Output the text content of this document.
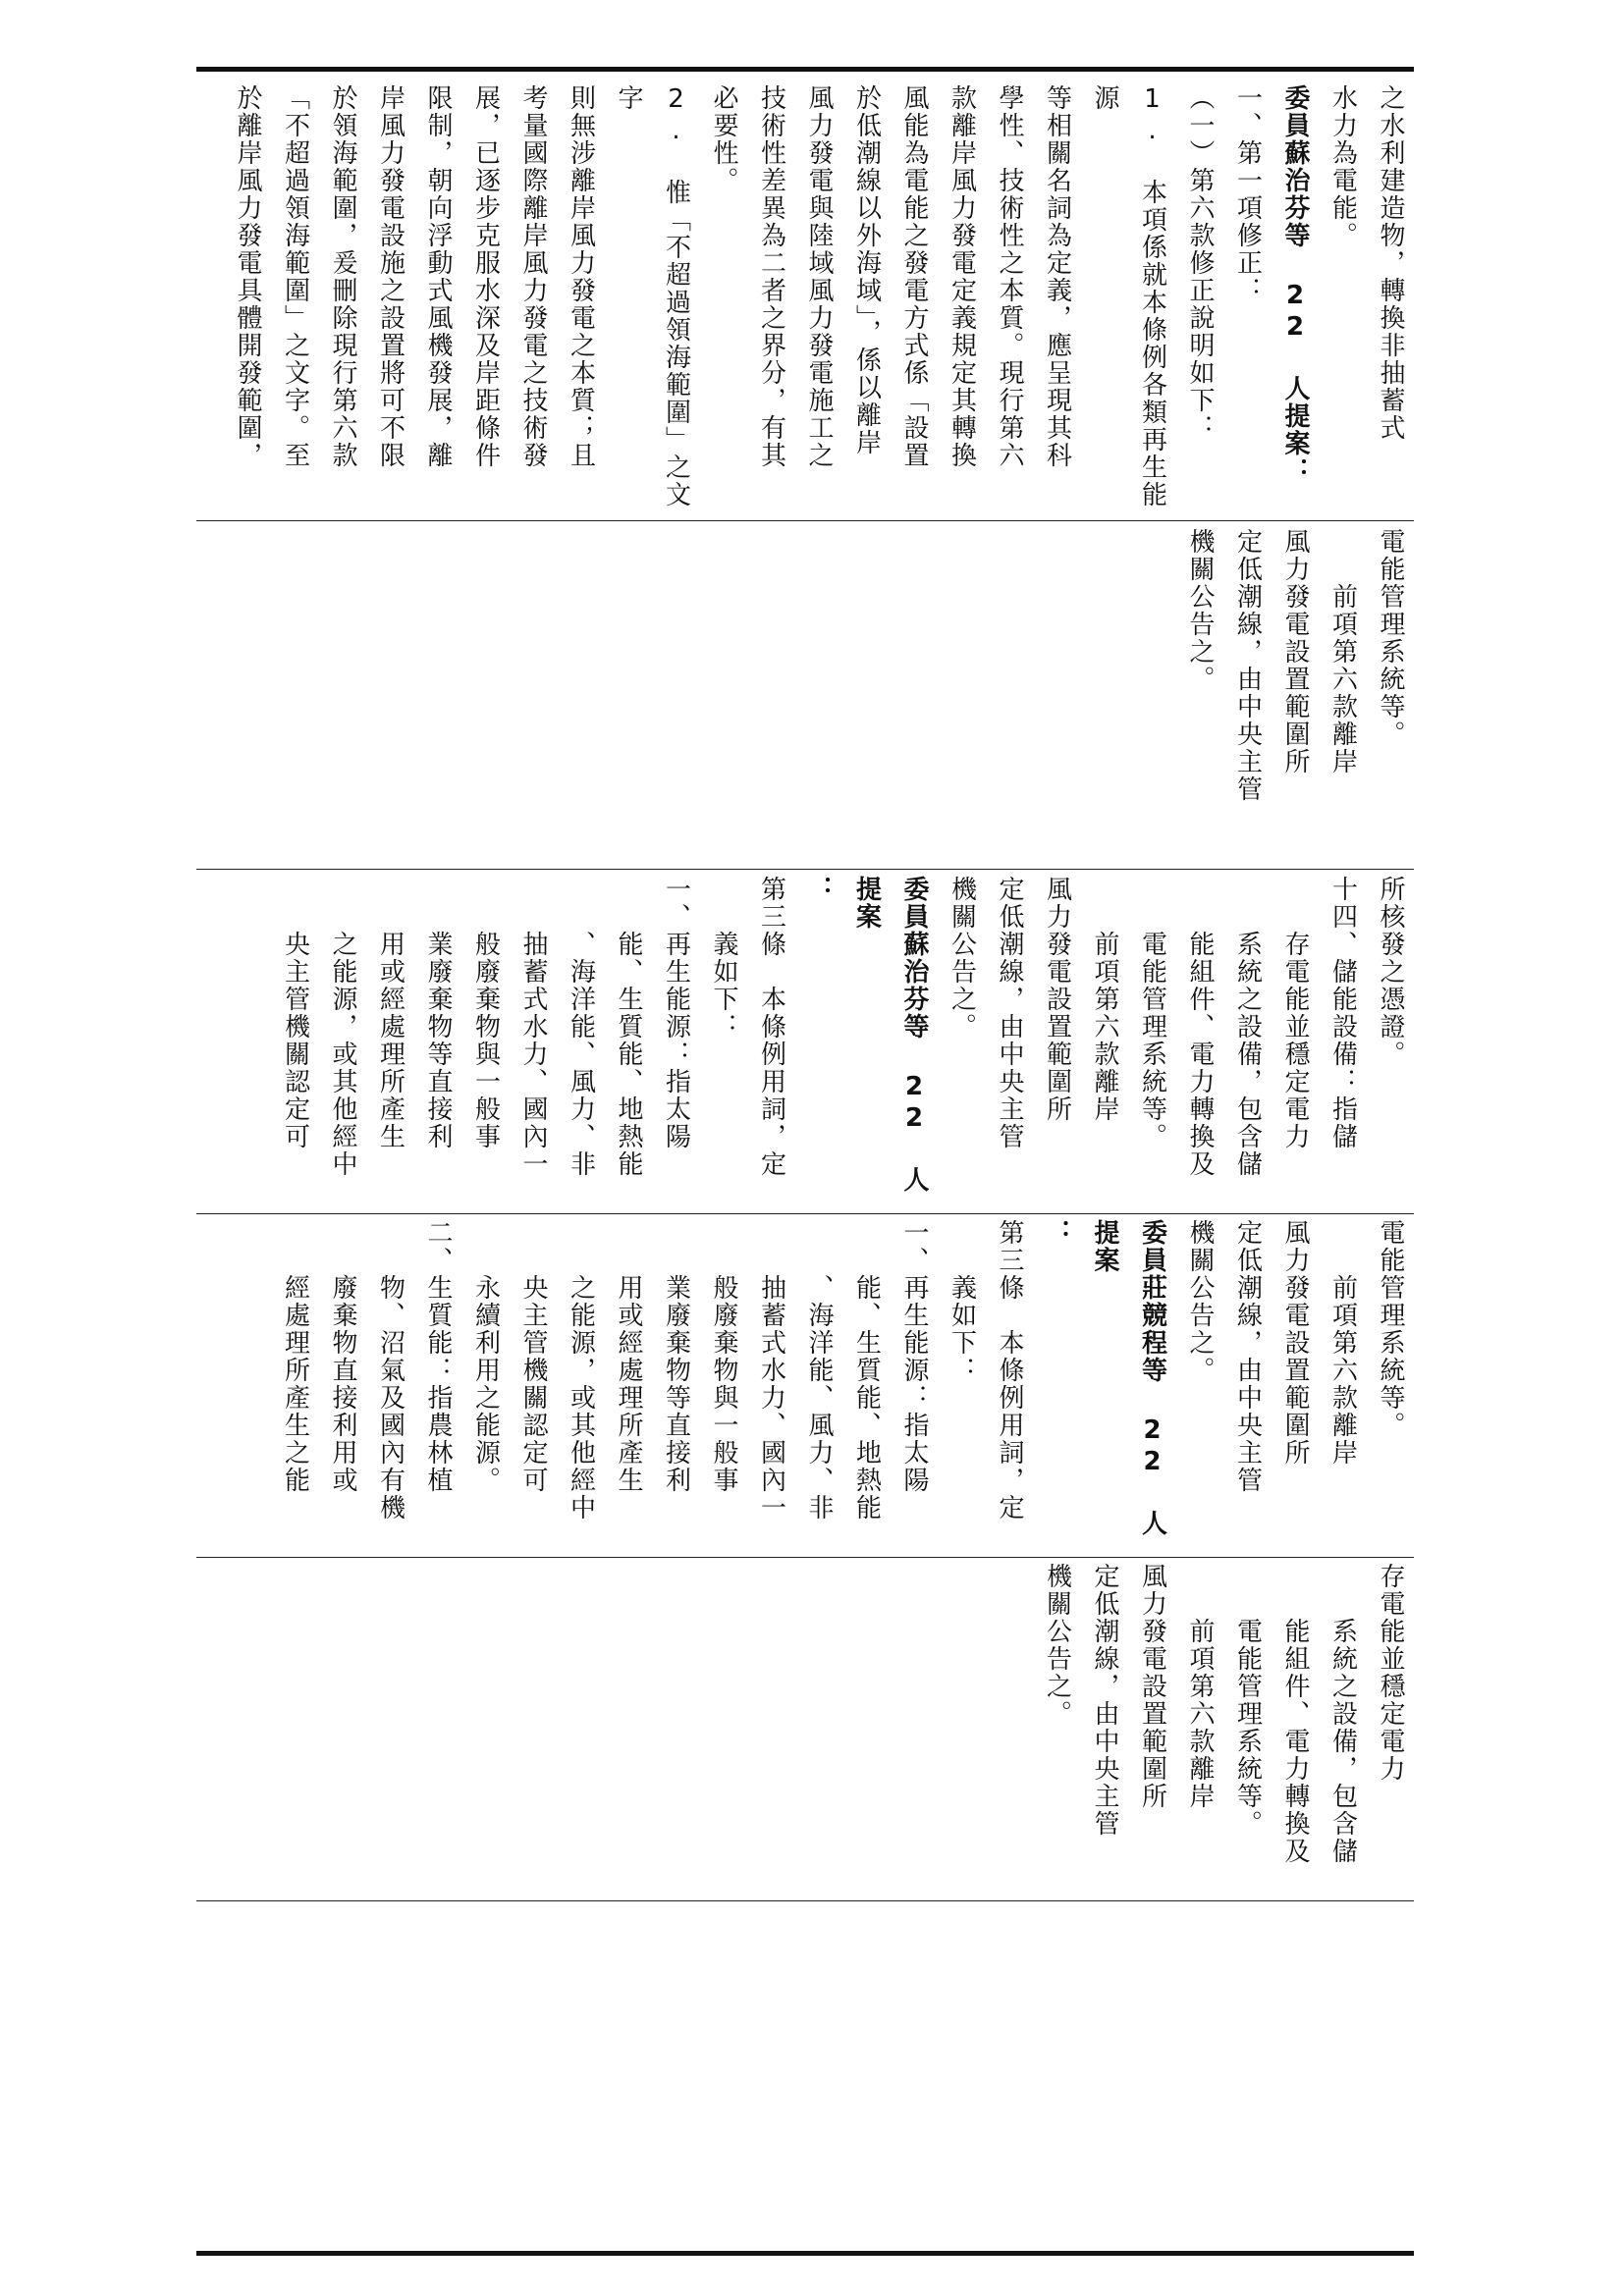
之水利建造物，轉換非抽蓄式

水力為電能。

委員蘇治芬等 22 人提案：

一、第一項修正：

（一）第六款修正說明如下：

1. 本項係就本條例各類再生能源

等相關名詞為定義，應呈現其科

學性、技術性之本質。現行第六

款離岸風力發電定義規定其轉換

風能為電能之發電方式係「設置

於低潮線以外海域」，係以離岸

風力發電與陸域風力發電施工之

技術性差異為二者之界分，有其

必要性。

2. 惟「不超過領海範圍」之文字

則無涉離岸風力發電之本質；且

考量國際離岸風力發電之技術發

展，已逐步克服水深及岸距條件

限制，朝向浮動式風機發展，離

岸風力發電設施之設置將可不限

於領海範圍，爰刪除現行第六款

「不超過領海範圍」之文字。至

於離岸風力發電具體開發範圍，

電能管理系統等。

　　前項第六款離岸

風力發電設置範圍所

定低潮線，由中央主管

機關公告之。

所核發之憑證。

十四、儲能設備：指儲

　　存電能並穩定電力

　　系統之設備，包含儲

　　能組件、電力轉換及

　　電能管理系統等。

　　前項第六款離岸

風力發電設置範圍所

定低潮線，由中央主管

機關公告之。

委員蘇治芬等 22 人提案

：

第三條　本條例用詞，定

　　義如下：

一、再生能源：指太陽

　　能、生質能、地熱能

　　、海洋能、風力、非

　　抽蓄式水力、國內一

　　般廢棄物與一般事

　　業廢棄物等直接利

　　用或經處理所產生

　　之能源，或其他經中

　　央主管機關認定可

電能管理系統等。

　　前項第六款離岸

風力發電設置範圍所

定低潮線，由中央主管

機關公告之。

委員莊競程等 22 人提案

：

第三條　本條例用詞，定

　　義如下：

一、再生能源：指太陽

　　能、生質能、地熱能

　　、海洋能、風力、非

　　抽蓄式水力、國內一

　　般廢棄物與一般事

　　業廢棄物等直接利

　　用或經處理所產生

　　之能源，或其他經中

　　央主管機關認定可

　　永續利用之能源。

二、生質能：指農林植

　　物、沼氣及國內有機

　　廢棄物直接利用或

　　經處理所產生之能

存電能並穩定電力

　　系統之設備，包含儲

　　能組件、電力轉換及

　　電能管理系統等。

　　前項第六款離岸

風力發電設置範圍所

定低潮線，由中央主管

機關公告之。
